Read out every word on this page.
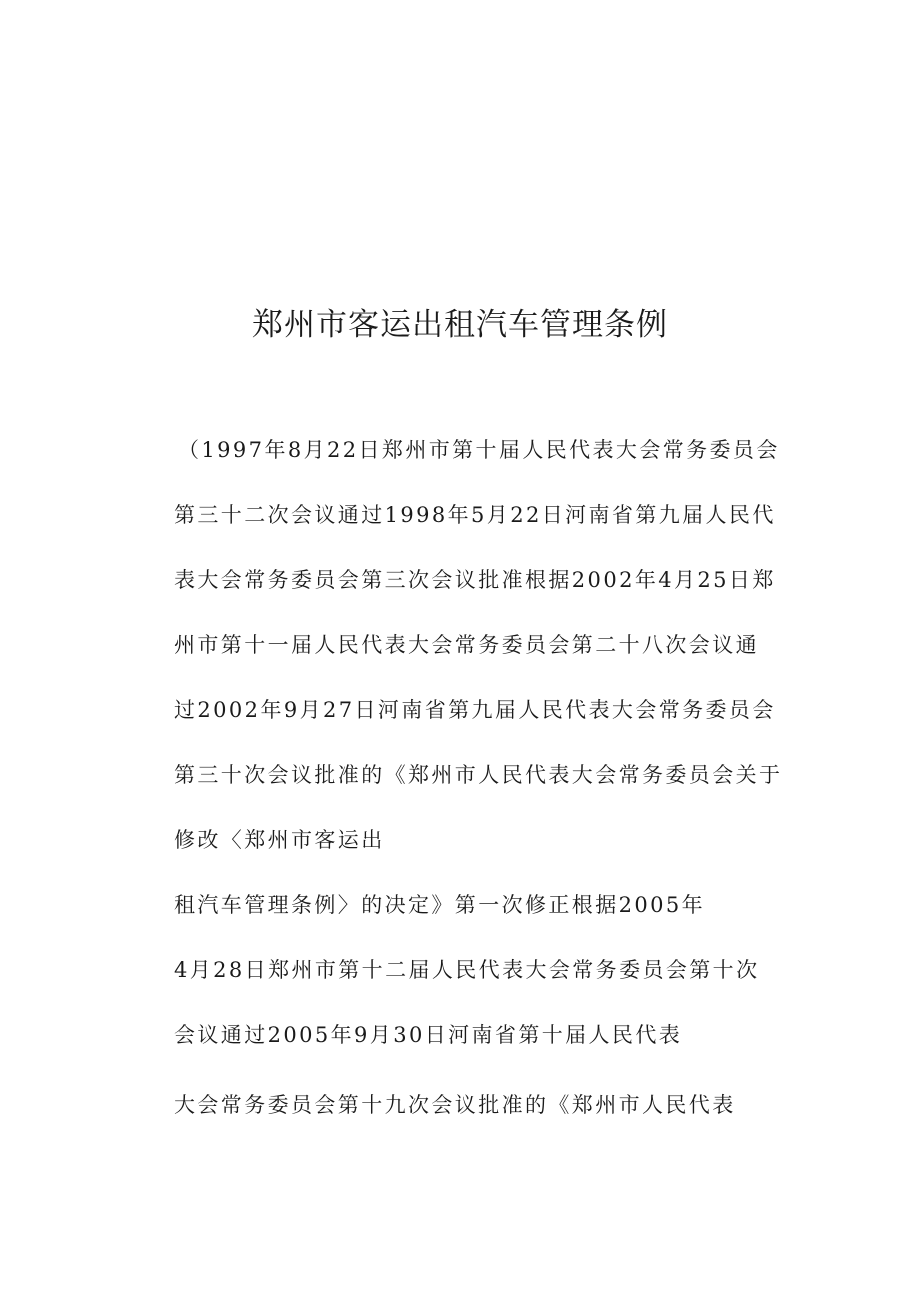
郑州市客运出租汽车管理条例
（1997年8月22日郑州市第十届人民代表大会常务委员会
第三十二次会议通过1998年5月22日河南省第九届人民代
表大会常务委员会第三次会议批准根据2002年4月25日郑
州市第十一届人民代表大会常务委员会第二十八次会议通
过2002年9月27日河南省第九届人民代表大会常务委员会
第三十次会议批准的《郑州市人民代表大会常务委员会关于
修改〈郑州市客运出
租汽车管理条例〉的决定》第一次修正根据2005年
4月28日郑州市第十二届人民代表大会常务委员会第十次
会议通过2005年9月30日河南省第十届人民代表
大会常务委员会第十九次会议批准的《郑州市人民代表
